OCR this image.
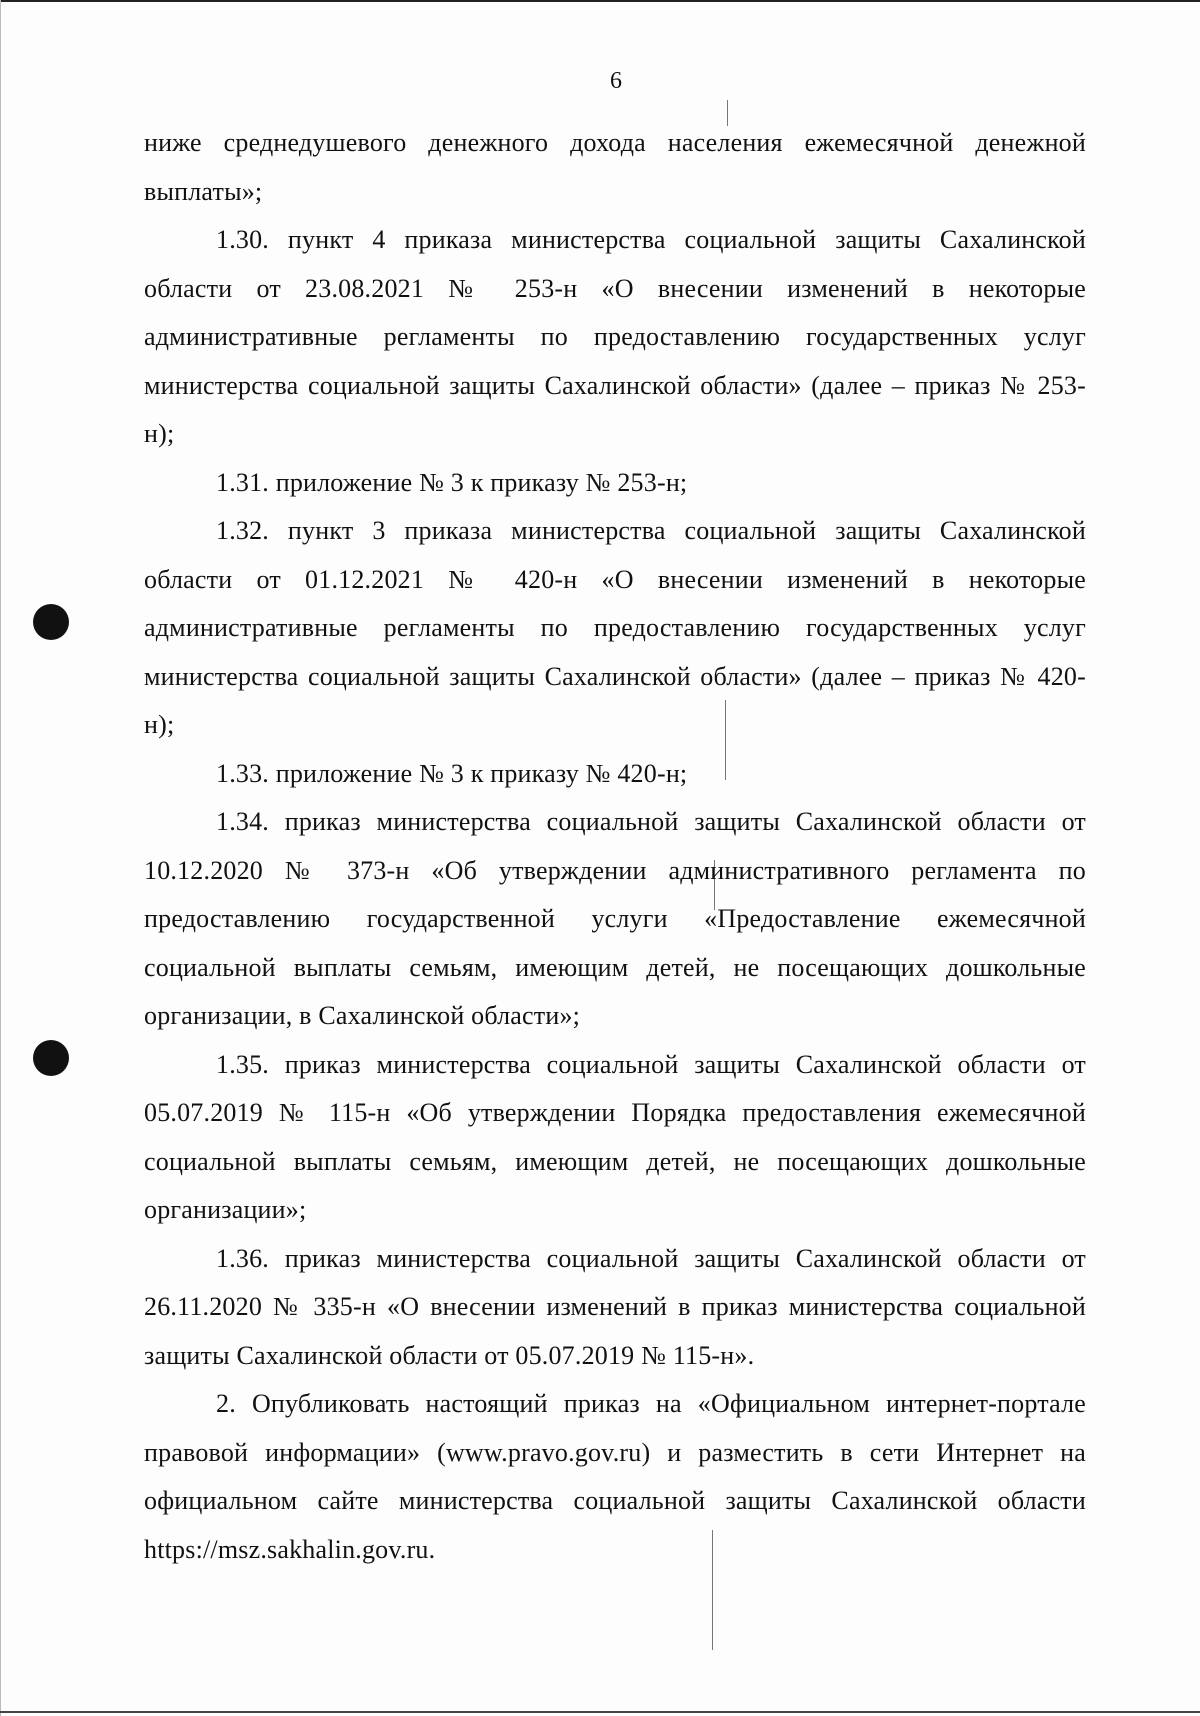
6

ниже среднедушевого денежного дохода населения ежемесячной денежной выплаты»;

1.30. пункт 4 приказа министерства социальной защиты Сахалинской области от 23.08.2021 № 253-н «О внесении изменений в некоторые административные регламенты по предоставлению государственных услуг министерства социальной защиты Сахалинской области» (далее – приказ № 253-н);

1.31. приложение № 3 к приказу № 253-н;

1.32. пункт 3 приказа министерства социальной защиты Сахалинской области от 01.12.2021 № 420-н «О внесении изменений в некоторые административные регламенты по предоставлению государственных услуг министерства социальной защиты Сахалинской области» (далее – приказ № 420-н);

1.33. приложение № 3 к приказу № 420-н;

1.34. приказ министерства социальной защиты Сахалинской области от 10.12.2020 № 373-н «Об утверждении административного регламента по предоставлению государственной услуги «Предоставление ежемесячной социальной выплаты семьям, имеющим детей, не посещающих дошкольные организации, в Сахалинской области»;

1.35. приказ министерства социальной защиты Сахалинской области от 05.07.2019 № 115-н «Об утверждении Порядка предоставления ежемесячной социальной выплаты семьям, имеющим детей, не посещающих дошкольные организации»;

1.36. приказ министерства социальной защиты Сахалинской области от 26.11.2020 № 335-н «О внесении изменений в приказ министерства социальной защиты Сахалинской области от 05.07.2019 № 115-н».

2. Опубликовать настоящий приказ на «Официальном интернет-портале правовой информации» (www.pravo.gov.ru) и разместить в сети Интернет на официальном сайте министерства социальной защиты Сахалинской области https://msz.sakhalin.gov.ru.
